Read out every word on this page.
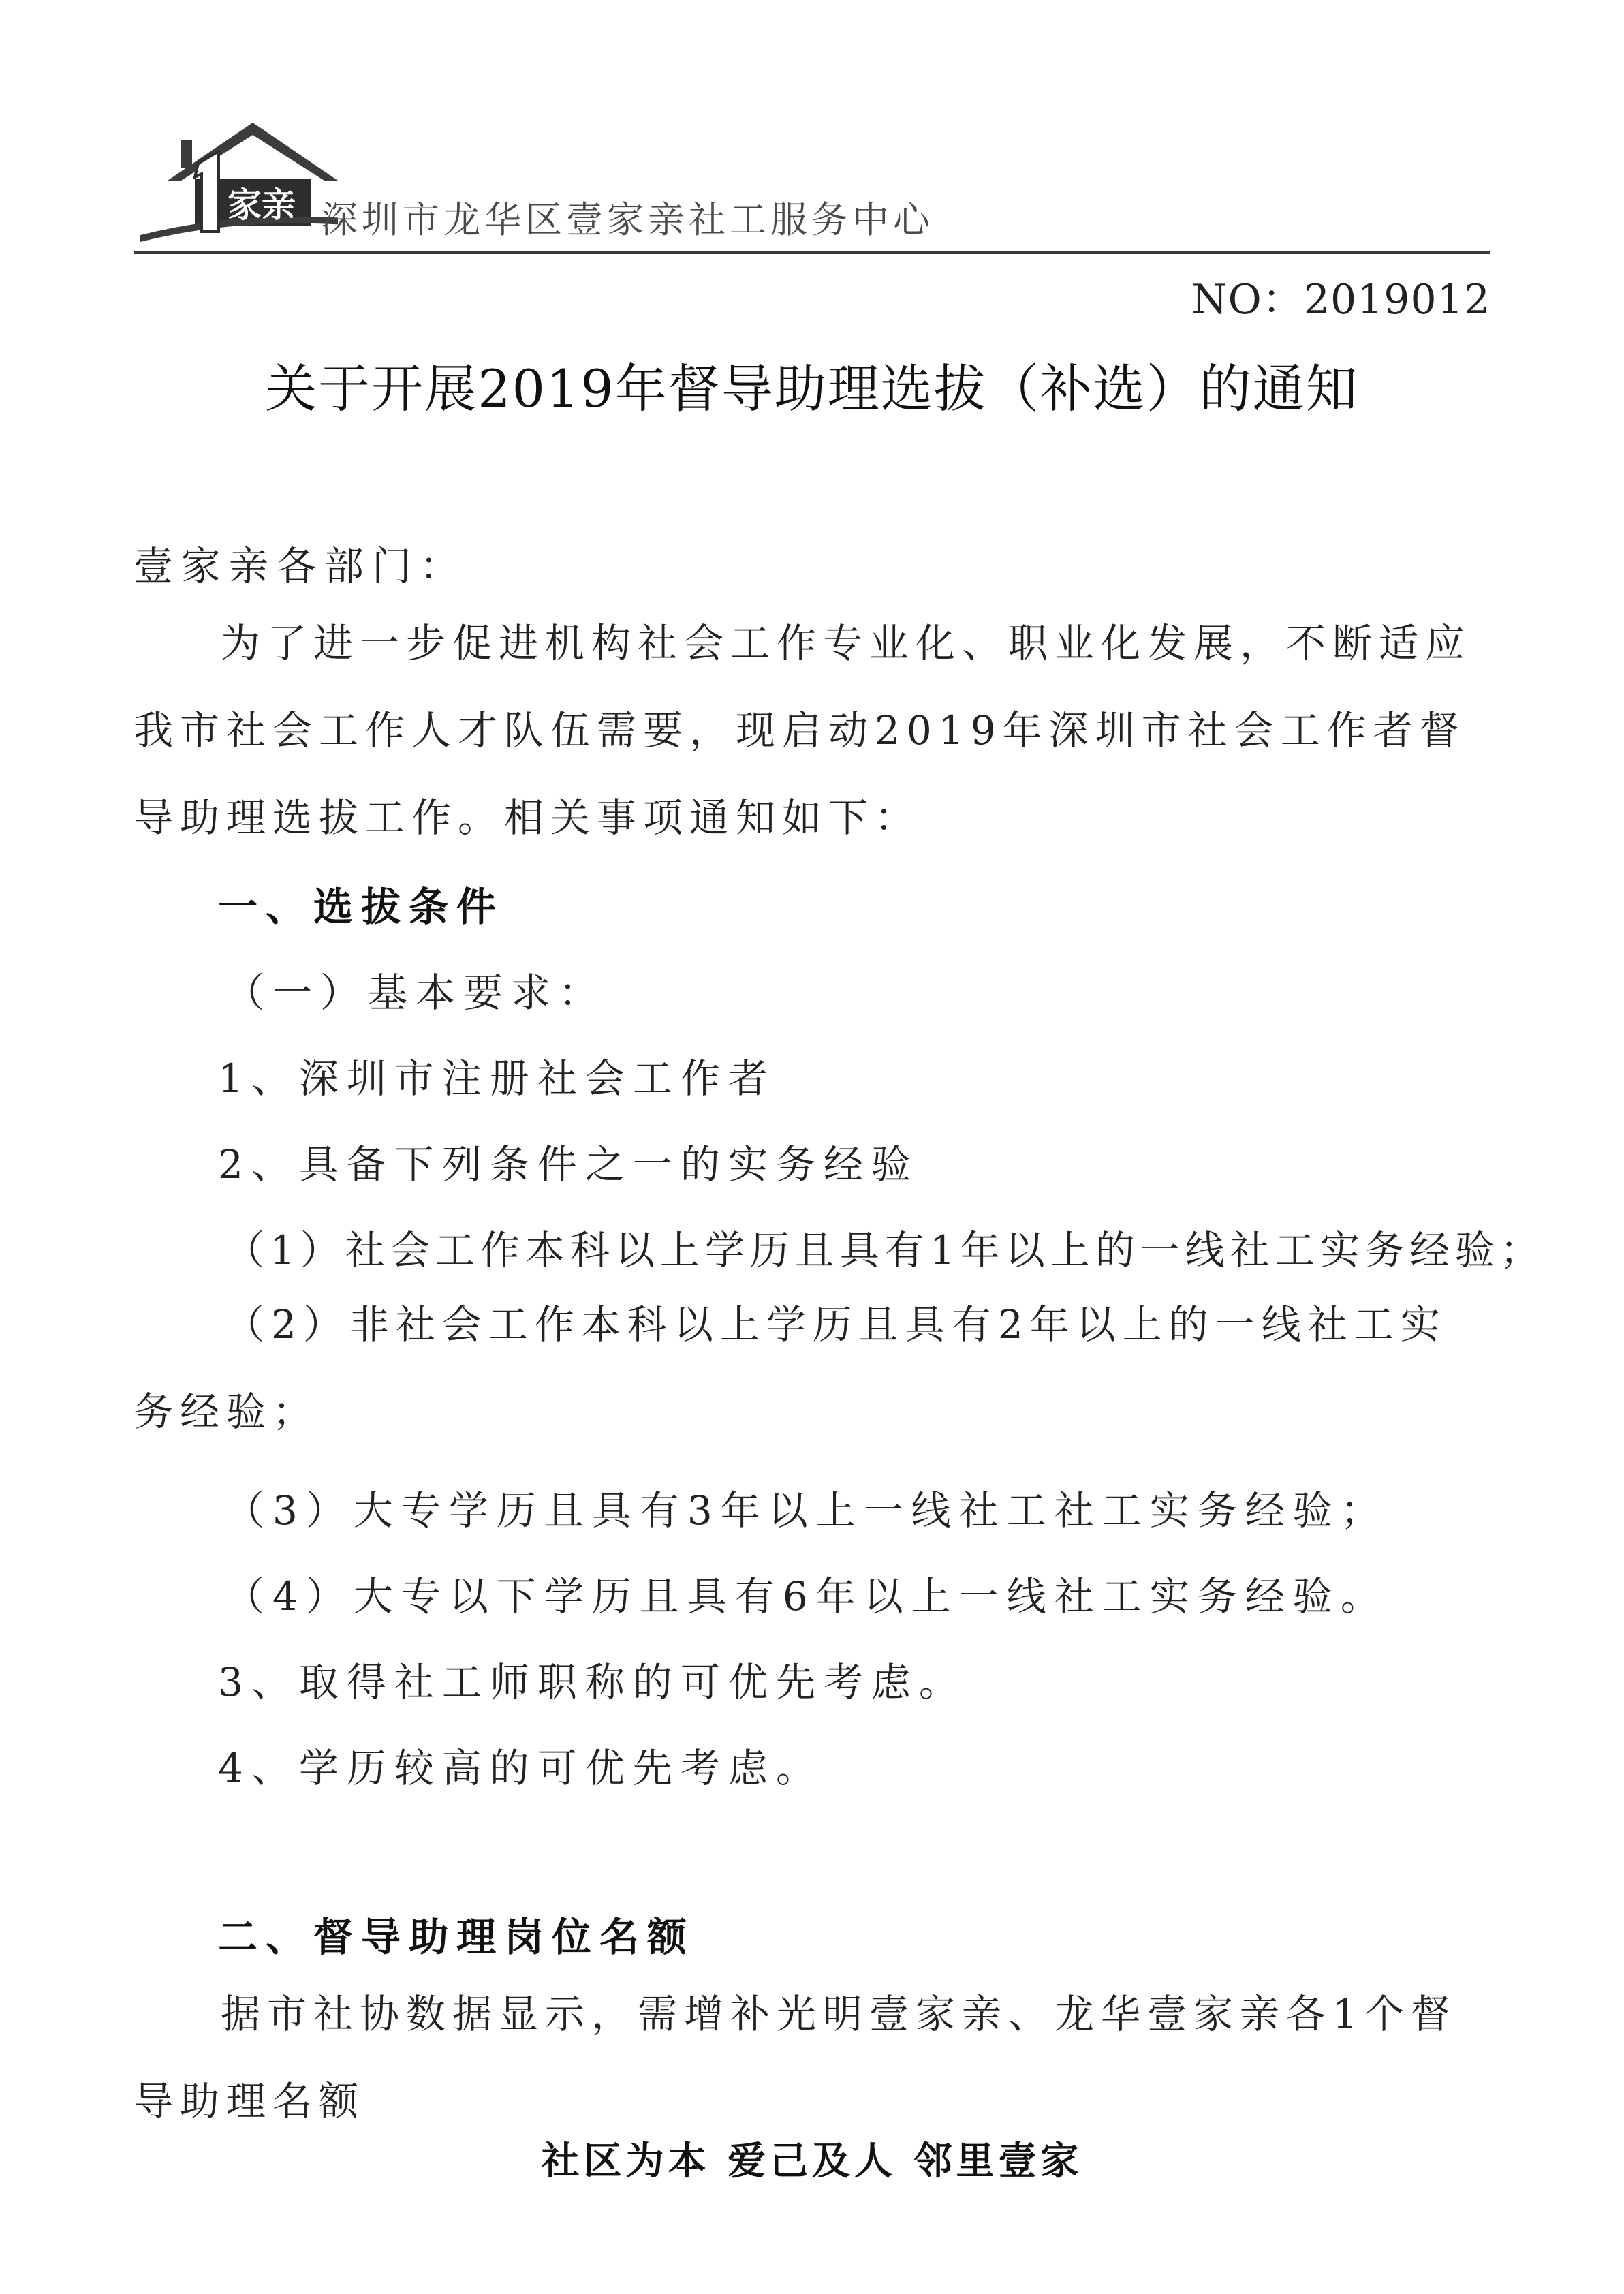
1家亲 家亲 深圳市龙华区壹家亲社工服务中心
NO：2019012
关于开展2019年督导助理选拔（补选）的通知
壹家亲各部门：
为了进一步促进机构社会工作专业化、职业化发展，不断适应我市社会工作人才队伍需要，现启动2019年深圳市社会工作者督导助理选拔工作。相关事项通知如下：
一、选拔条件
（一）基本要求：
1、深圳市注册社会工作者
2、具备下列条件之一的实务经验
（1）社会工作本科以上学历且具有1年以上的一线社工实务经验；
（2）非社会工作本科以上学历且具有2年以上的一线社工实务经验；
（3）大专学历且具有3年以上一线社工社工实务经验；
（4）大专以下学历且具有6年以上一线社工实务经验。
3、取得社工师职称的可优先考虑。
4、学历较高的可优先考虑。
二、督导助理岗位名额
据市社协数据显示，需增补光明壹家亲、龙华壹家亲各1个督导助理名额
社区为本 爱己及人 邻里壹家
